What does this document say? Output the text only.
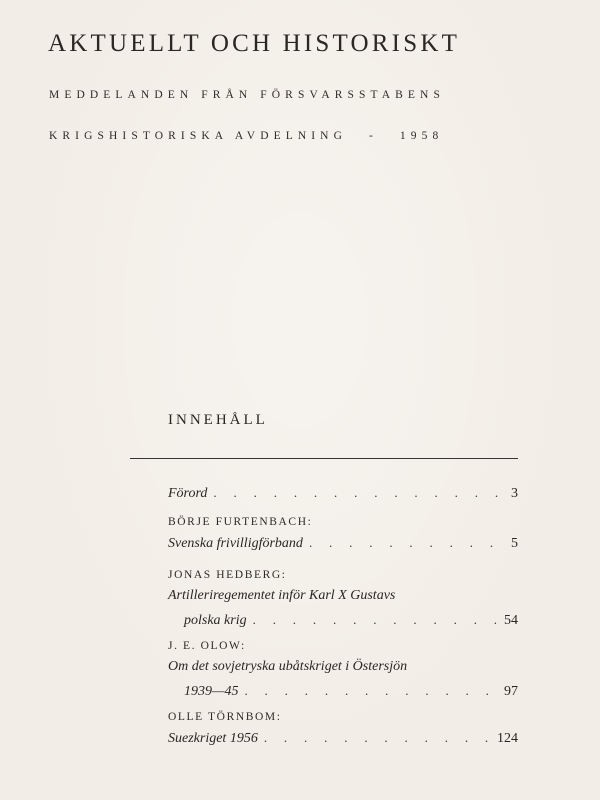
AKTUELLT OCH HISTORISKT
MEDDELANDEN FRÅN FÖRSVARSSTABENS
KRIGSHISTORISKA AVDELNING - 1958
INNEHÅLL
Förord . . .	3
BÖRJE FURTENBACH:
Svenska frivilligförband . . .	5
JONAS HEDBERG:
Artilleriregementet inför Karl X Gustavs
polska krig . . .	54
J. E. OLOW:
Om det sovjetryska ubåtskriget i Östersjön
1939—45 . . .	97
OLLE TÖRNBOM:
Suezkriget 1956 . . .	124
